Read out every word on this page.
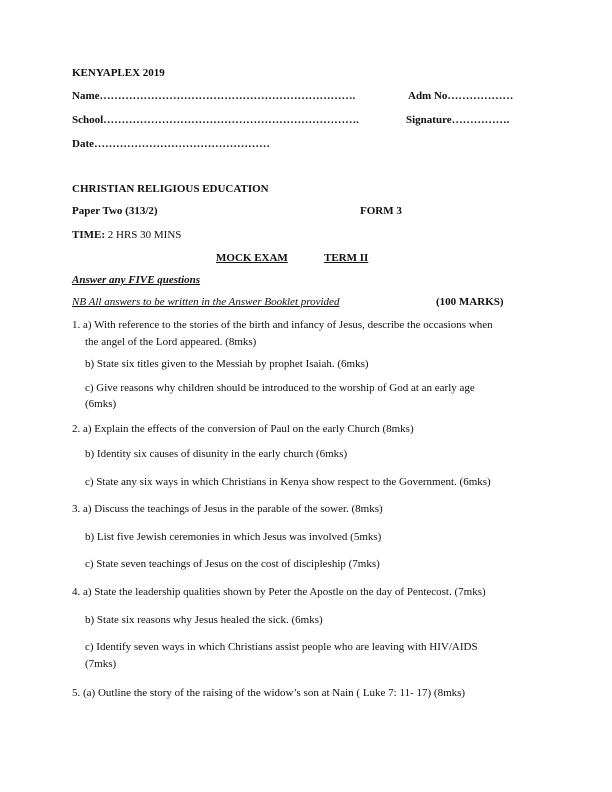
KENYAPLEX 2019
Name…………………………………………………………….	Adm No………………
School…………………………………………………………….	Signature…………….
Date…………………………………………
CHRISTIAN RELIGIOUS EDUCATION
Paper Two (313/2)	FORM 3
TIME: 2 HRS 30 MINS
MOCK EXAM	TERM II
Answer any FIVE questions
NB All answers to be written in the Answer Booklet provided	(100 MARKS)
1. a) With reference to the stories of the birth and infancy of Jesus, describe the occasions when
the angel of the Lord appeared. (8mks)
b) State six titles given to the Messiah by prophet Isaiah. (6mks)
c) Give reasons why children should be introduced to the worship of God at an early age
(6mks)
2. a) Explain the effects of the conversion of Paul on the early Church (8mks)
b) Identity six causes of disunity in the early church (6mks)
c) State any six ways in which Christians in Kenya show respect to the Government. (6mks)
3. a) Discuss the teachings of Jesus in the parable of the sower. (8mks)
b) List five Jewish ceremonies in which Jesus was involved (5mks)
c) State seven teachings of Jesus on the cost of discipleship (7mks)
4. a) State the leadership qualities shown by Peter the Apostle on the day of Pentecost. (7mks)
b) State six reasons why Jesus healed the sick. (6mks)
c) Identify seven ways in which Christians assist people who are leaving with HIV/AIDS
(7mks)
5. (a) Outline the story of the raising of the widow’s son at Nain ( Luke 7: 11- 17) (8mks)
